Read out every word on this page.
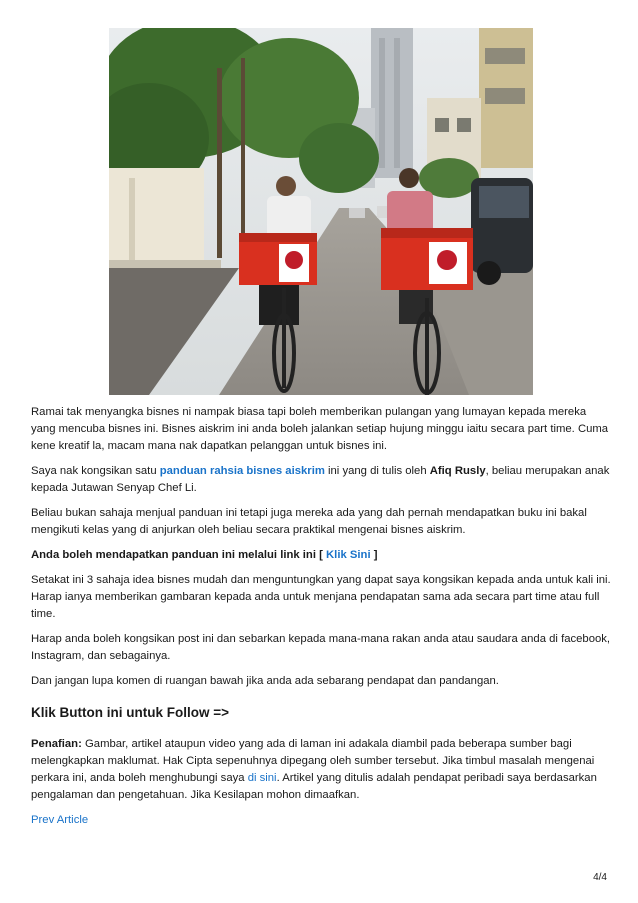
Ramai tak menyangka bisnes ni nampak biasa tapi boleh memberikan pulangan yang lumayan kepada mereka yang mencuba bisnes ini. Bisnes aiskrim ini anda boleh jalankan setiap hujung minggu iaitu secara part time. Cuma kene kreatif la, macam mana nak dapatkan pelanggan untuk bisnes ini.

Saya nak kongsikan satu panduan rahsia bisnes aiskrim ini yang di tulis oleh Afiq Rusly, beliau merupakan anak kepada Jutawan Senyap Chef Li.

Beliau bukan sahaja menjual panduan ini tetapi juga mereka ada yang dah pernah mendapatkan buku ini bakal mengikuti kelas yang di anjurkan oleh beliau secara praktikal mengenai bisnes aiskrim.

Anda boleh mendapatkan panduan ini melalui link ini [ Klik Sini ]

Setakat ini 3 sahaja idea bisnes mudah dan menguntungkan yang dapat saya kongsikan kepada anda untuk kali ini. Harap ianya memberikan gambaran kepada anda untuk menjana pendapatan sama ada secara part time atau full time.

Harap anda boleh kongsikan post ini dan sebarkan kepada mana-mana rakan anda atau saudara anda di facebook, Instagram, dan sebagainya.

Dan jangan lupa komen di ruangan bawah jika anda ada sebarang pendapat dan pandangan.

Klik Button ini untuk Follow =>

Penafian: Gambar, artikel ataupun video yang ada di laman ini adakala diambil pada beberapa sumber bagi melengkapkan maklumat. Hak Cipta sepenuhnya dipegang oleh sumber tersebut. Jika timbul masalah mengenai perkara ini, anda boleh menghubungi saya di sini. Artikel yang ditulis adalah pendapat peribadi saya berdasarkan pengalaman dan pengetahuan. Jika Kesilapan mohon dimaafkan.

Prev Article

4/4
